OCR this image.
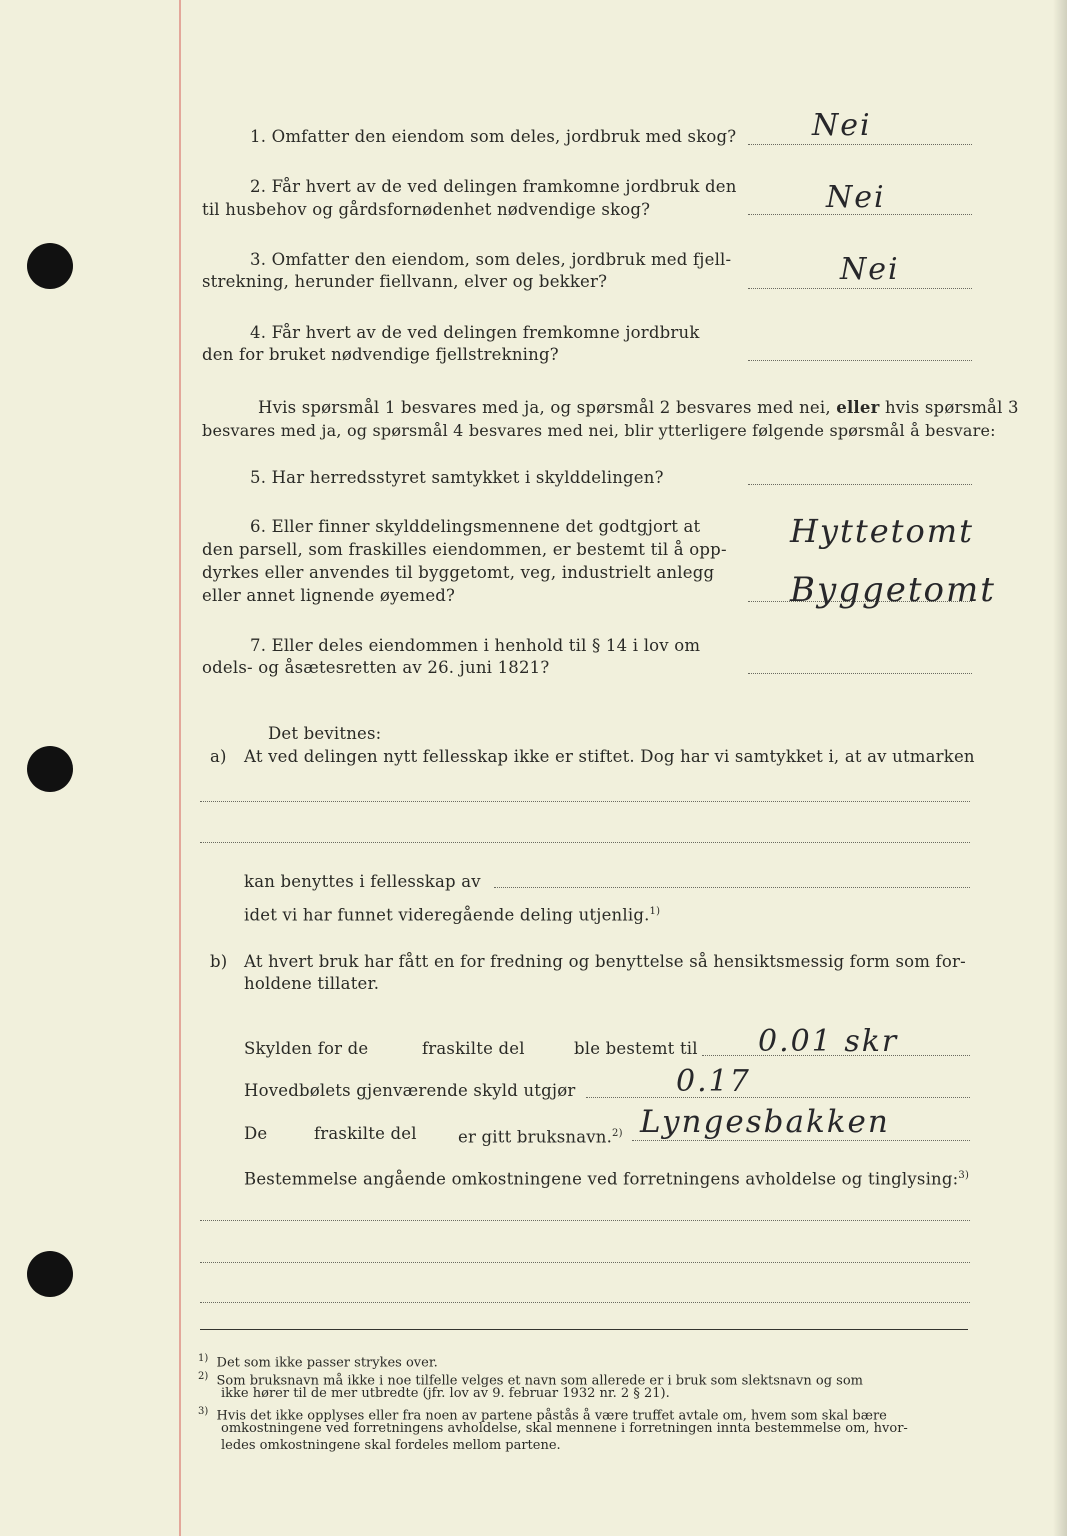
1. Omfatter den eiendom som deles, jordbruk med skog?	Nei
2. Får hvert av de ved delingen framkomne jordbruk den
til husbehov og gårdsfornødenhet nødvendige skog?	Nei
3. Omfatter den eiendom, som deles, jordbruk med fjell-
strekning, herunder fiellvann, elver og bekker?	Nei
4. Får hvert av de ved delingen fremkomne jordbruk
den for bruket nødvendige fjellstrekning?
Hvis spørsmål 1 besvares med ja, og spørsmål 2 besvares med nei, eller hvis spørsmål 3
besvares med ja, og spørsmål 4 besvares med nei, blir ytterligere følgende spørsmål å besvare:
5. Har herredsstyret samtykket i skylddelingen?
6. Eller finner skylddelingsmennene det godtgjort at
den parsell, som fraskilles eiendommen, er bestemt til å opp-
dyrkes eller anvendes til byggetomt, veg, industrielt anlegg
eller annet lignende øyemed?
Hyttetomt
Byggetomt
7. Eller deles eiendommen i henhold til § 14 i lov om
odels- og åsætesretten av 26. juni 1821?
Det bevitnes:
a) At ved delingen nytt fellesskap ikke er stiftet. Dog har vi samtykket i, at av utmarken
kan benyttes i fellesskap av
idet vi har funnet videregående deling utjenlig.$^{1)}$
b) At hvert bruk har fått en for fredning og benyttelse så hensiktsmessig form som for-
holdene tillater.
Skylden for de	fraskilte del	ble bestemt til 0.01 skr
Hovedbølets gjenværende skyld utgjør	0.17
De	fraskilte del	er gitt bruksnavn.$^{2)}$ Lyngesbakken
Bestemmelse angående omkostningene ved forretningens avholdelse og tinglysing:$^{3)}$
$^{1)}$ Det som ikke passer strykes over.
$^{2)}$ Som bruksnavn må ikke i noe tilfelle velges et navn som allerede er i bruk som slektsnavn og som
ikke hører til de mer utbredte (jfr. lov av 9. februar 1932 nr. 2 § 21).
$^{3)}$ Hvis det ikke opplyses eller fra noen av partene påstås å være truffet avtale om, hvem som skal bære
omkostningene ved forretningens avholdelse, skal mennene i forretningen innta bestemmelse om, hvor-
ledes omkostningene skal fordeles mellom partene.
